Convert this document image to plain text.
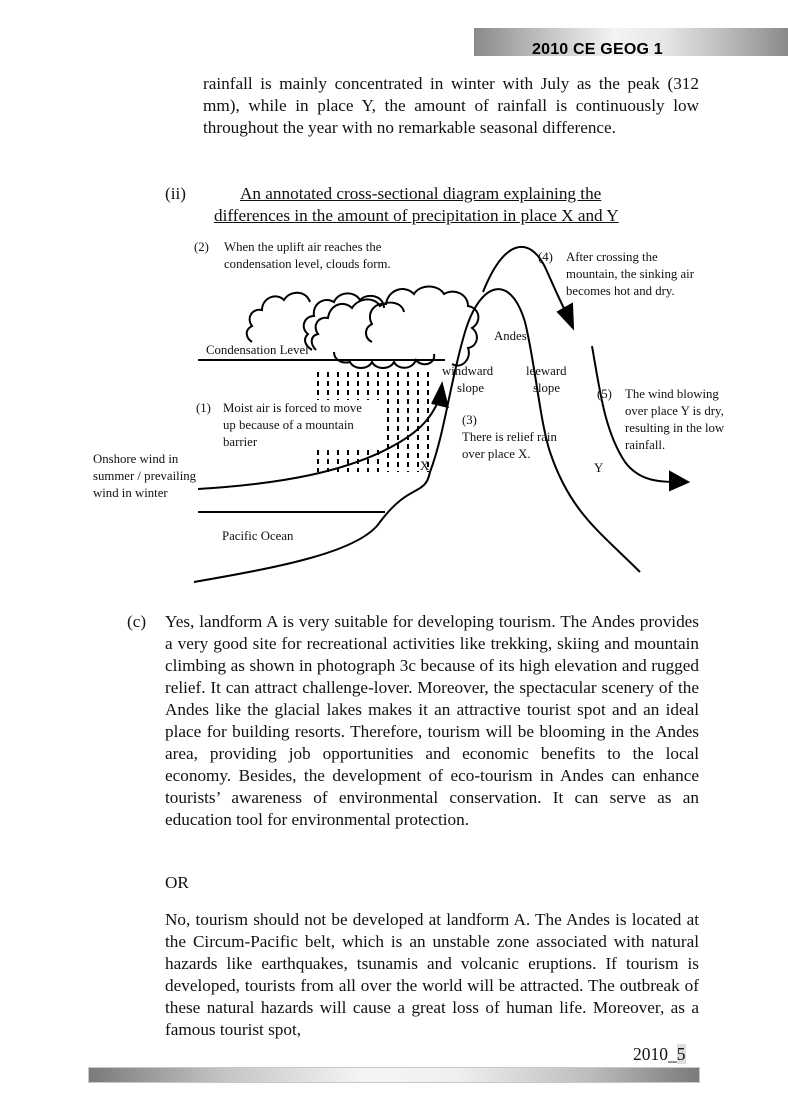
2010 CE GEOG 1
rainfall is mainly concentrated in winter with July as the peak (312 mm), while in place Y, the amount of rainfall is continuously low throughout the year with no remarkable seasonal difference.
(ii)	An annotated cross-sectional diagram explaining the
differences in the amount of precipitation in place X and Y
(2) When the uplift air reaches the
condensation level, clouds form.	(4) After crossing the
mountain, the sinking air
becomes hot and dry.
Andes
Condensation Level
windward
slope
leeward
slope
(1) Moist air is forced to move
up because of a mountain
barrier
(3)
There is relief rain
over place X.
(5) The wind blowing
over place Y is dry,
resulting in the low
rainfall.
Onshore wind in
summer / prevailing
wind in winter
X	Y
Pacific Ocean
(c) Yes, landform A is very suitable for developing tourism. The Andes provides a very good site for recreational activities like trekking, skiing and mountain climbing as shown in photograph 3c because of its high elevation and rugged relief. It can attract challenge-lover. Moreover, the spectacular scenery of the Andes like the glacial lakes makes it an attractive tourist spot and an ideal place for building resorts. Therefore, tourism will be blooming in the Andes area, providing job opportunities and economic benefits to the local economy. Besides, the development of eco-tourism in Andes can enhance tourists’ awareness of environmental conservation. It can serve as an education tool for environmental protection.
OR
No, tourism should not be developed at landform A. The Andes is located at the Circum-Pacific belt, which is an unstable zone associated with natural hazards like earthquakes, tsunamis and volcanic eruptions. If tourism is developed, tourists from all over the world will be attracted. The outbreak of these natural hazards will cause a great loss of human life. Moreover, as a famous tourist spot,
2010_5
